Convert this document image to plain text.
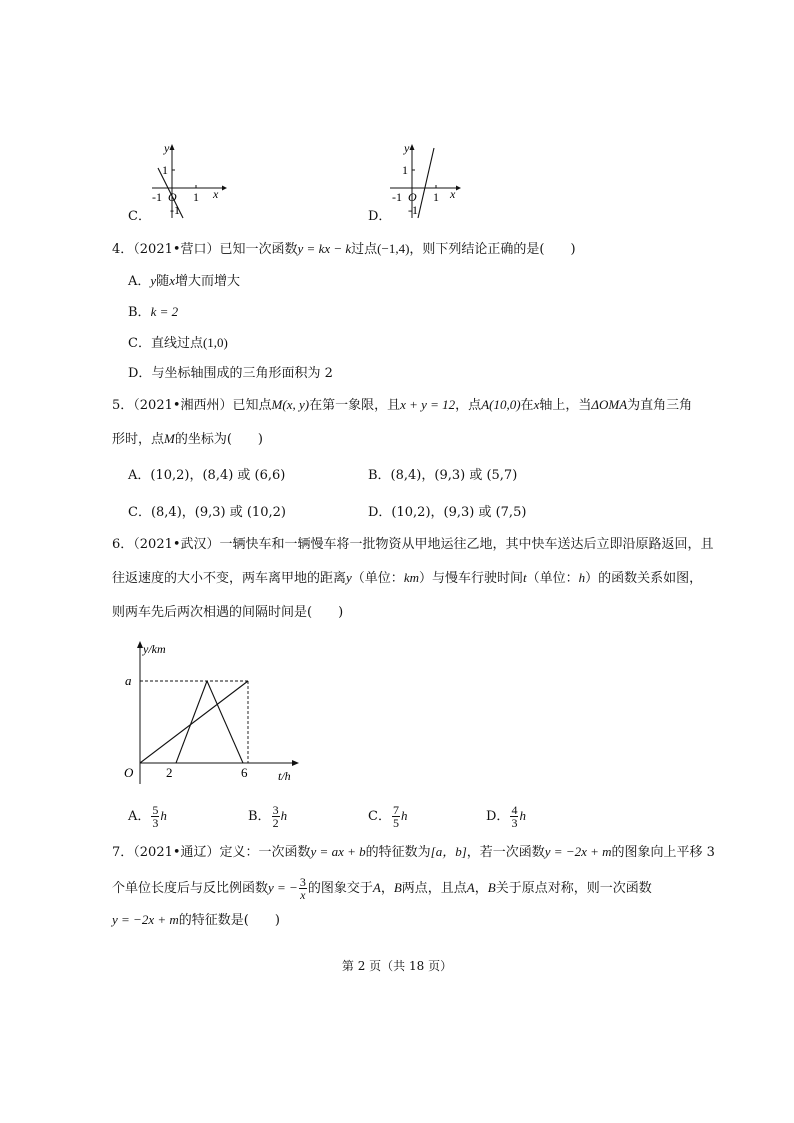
y
x
O
1
1
-1
-1
C．
y
x
O
1
1
-1
-1
D．
4．（2021•营口）已知一次函数y = kx − k过点(−1,4)，则下列结论正确的是(　　)
A．y随x增大而增大
B．k = 2
C．直线过点(1,0)
D．与坐标轴围成的三角形面积为 2
5．（2021•湘西州）已知点M(x, y)在第一象限，且x + y = 12，点A(10,0)在x轴上，当ΔOMA为直角三角
形时，点M的坐标为(　　)
A．(10,2)，(8,4) 或 (6,6)	B．(8,4)，(9,3) 或 (5,7)
C．(8,4)，(9,3) 或 (10,2)	D．(10,2)，(9,3) 或 (7,5)
6．（2021•武汉）一辆快车和一辆慢车将一批物资从甲地运往乙地，其中快车送达后立即沿原路返回，且
往返速度的大小不变，两车离甲地的距离y（单位：km）与慢车行驶时间t（单位：h）的函数关系如图，
则两车先后两次相遇的间隔时间是(　　)
y/km
a
O	2	6	t/h
A． $\frac{5}{3}$ h	B． $\frac{3}{2}$ h	C． $\frac{7}{5}$ h	D． $\frac{4}{3}$ h
7．（2021•通辽）定义：一次函数y = ax + b的特征数为[a，b]，若一次函数y = −2x + m的图象向上平移 3
个单位长度后与反比例函数y = − $\frac{3}{x}$ 的图象交于A，B两点，且点A，B关于原点对称，则一次函数
y = −2x + m的特征数是(　　)
第 2 页（共 18 页）
